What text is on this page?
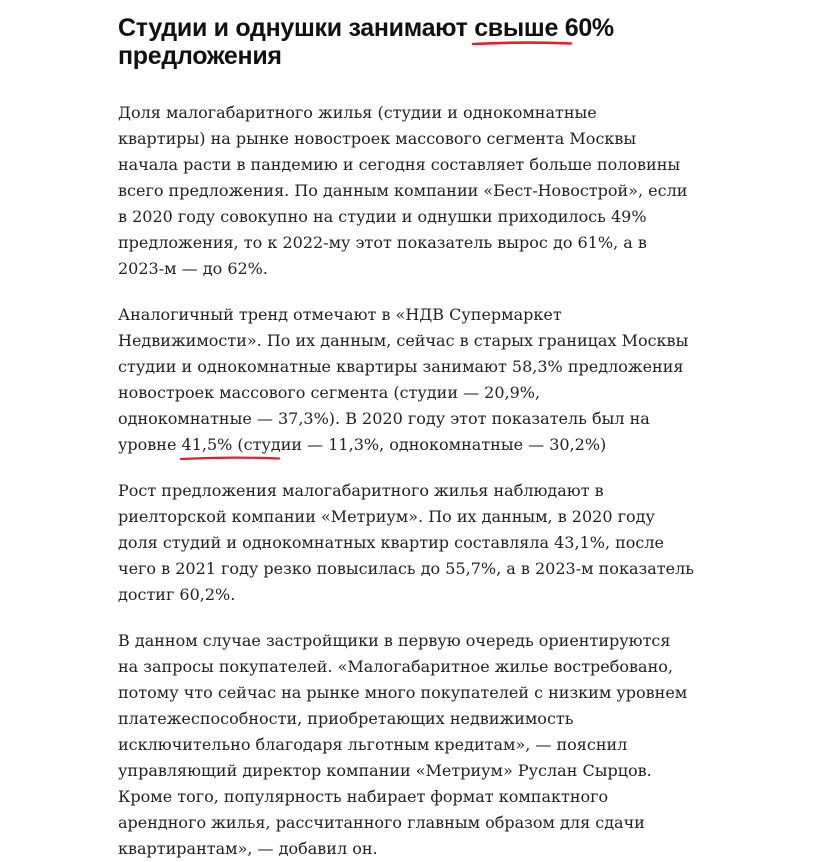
Студии и однушки занимают свыше 60%

предложения

Доля малогабаритного жилья (студии и однокомнатные
квартиры) на рынке новостроек массового сегмента Москвы
начала расти в пандемию и сегодня составляет больше половины
всего предложения. По данным компании «Бест-Новострой», если
в 2020 году совокупно на студии и однушки приходилось 49%
предложения, то к 2022-му этот показатель вырос до 61%, а в
2023-м — до 62%.

Аналогичный тренд отмечают в «НДВ Супермаркет
Недвижимости». По их данным, сейчас в старых границах Москвы
студии и однокомнатные квартиры занимают 58,3% предложения
новостроек массового сегмента (студии — 20,9%,
однокомнатные — 37,3%). В 2020 году этот показатель был на
уровне 41,5%
(студии — 11,3%, однокомнатные — 30,2%)

Рост предложения малогабаритного жилья наблюдают в
риелторской компании «Метриум». По их данным, в 2020 году
доля студий и однокомнатных квартир составляла 43,1%, после
чего в 2021 году резко повысилась до 55,7%, а в 2023-м показатель
достиг 60,2%.

В данном случае застройщики в первую очередь ориентируются
на запросы покупателей. «Малогабаритное жилье востребовано,
потому что сейчас на рынке много покупателей с низким уровнем
платежеспособности, приобретающих недвижимость
исключительно благодаря льготным кредитам», — пояснил
управляющий директор компании «Метриум» Руслан Сырцов.
Кроме того, популярность набирает формат компактного
арендного жилья, рассчитанного главным образом для сдачи
квартирантам», — добавил он.
